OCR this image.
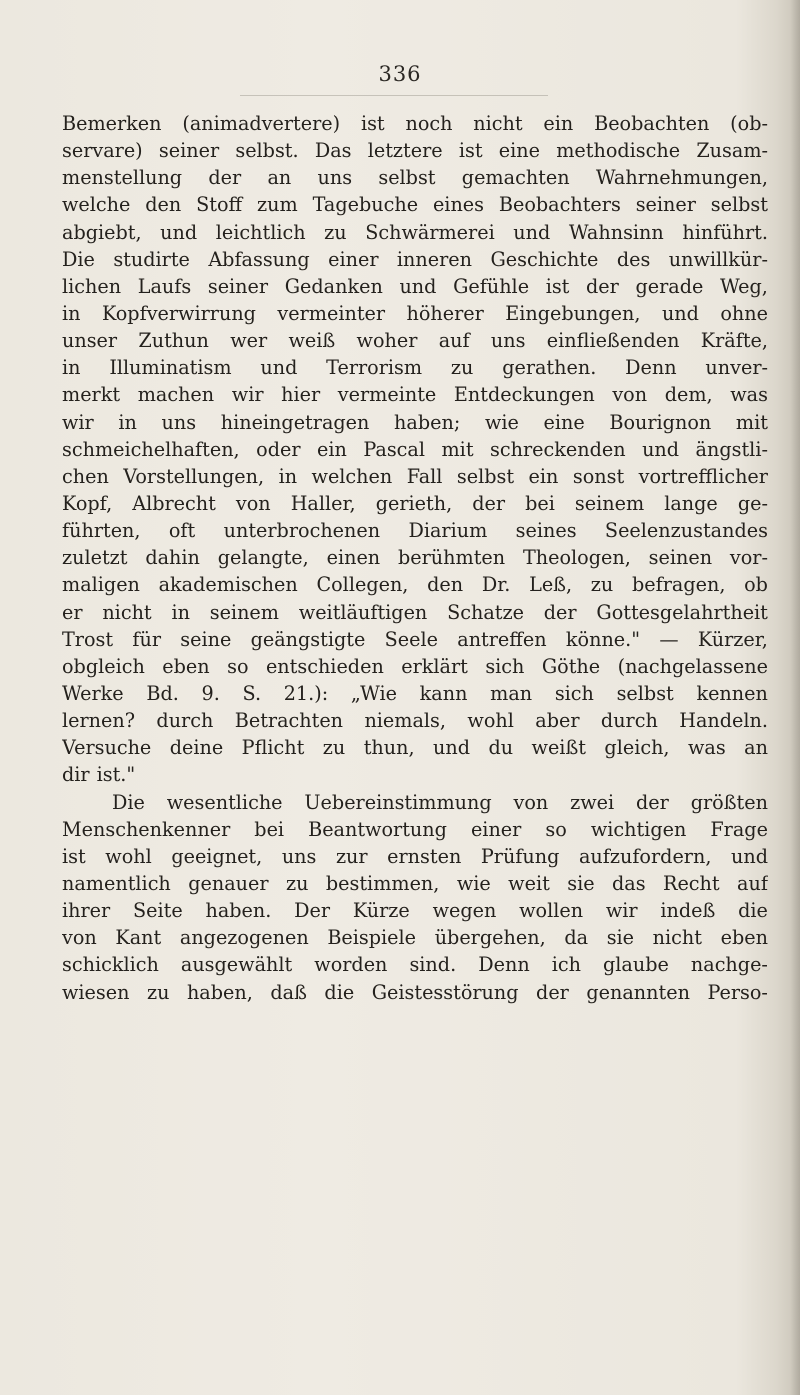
336
Bemerken (animadvertere) ist noch nicht ein Beobachten (ob-
servare) seiner selbst. Das letztere ist eine methodische Zusam-
menstellung der an uns selbst gemachten Wahrnehmungen,
welche den Stoff zum Tagebuche eines Beobachters seiner selbst
abgiebt, und leichtlich zu Schwärmerei und Wahnsinn hinführt.
Die studirte Abfassung einer inneren Geschichte des unwillkür-
lichen Laufs seiner Gedanken und Gefühle ist der gerade Weg,
in Kopfverwirrung vermeinter höherer Eingebungen, und ohne
unser Zuthun wer weiß woher auf uns einfließenden Kräfte,
in Illuminatism und Terrorism zu gerathen. Denn unver-
merkt machen wir hier vermeinte Entdeckungen von dem, was
wir in uns hineingetragen haben; wie eine Bourignon mit
schmeichelhaften, oder ein Pascal mit schreckenden und ängstli-
chen Vorstellungen, in welchen Fall selbst ein sonst vortrefflicher
Kopf, Albrecht von Haller, gerieth, der bei seinem lange ge-
führten, oft unterbrochenen Diarium seines Seelenzustandes
zuletzt dahin gelangte, einen berühmten Theologen, seinen vor-
maligen akademischen Collegen, den Dr. Leß, zu befragen, ob
er nicht in seinem weitläuftigen Schatze der Gottesgelahrtheit
Trost für seine geängstigte Seele antreffen könne." — Kürzer,
obgleich eben so entschieden erklärt sich Göthe (nachgelassene
Werke Bd. 9. S. 21.): „Wie kann man sich selbst kennen
lernen? durch Betrachten niemals, wohl aber durch Handeln.
Versuche deine Pflicht zu thun, und du weißt gleich, was an
dir ist."
Die wesentliche Uebereinstimmung von zwei der größten
Menschenkenner bei Beantwortung einer so wichtigen Frage
ist wohl geeignet, uns zur ernsten Prüfung aufzufordern, und
namentlich genauer zu bestimmen, wie weit sie das Recht auf
ihrer Seite haben. Der Kürze wegen wollen wir indeß die
von Kant angezogenen Beispiele übergehen, da sie nicht eben
schicklich ausgewählt worden sind. Denn ich glaube nachge-
wiesen zu haben, daß die Geistesstörung der genannten Perso-
